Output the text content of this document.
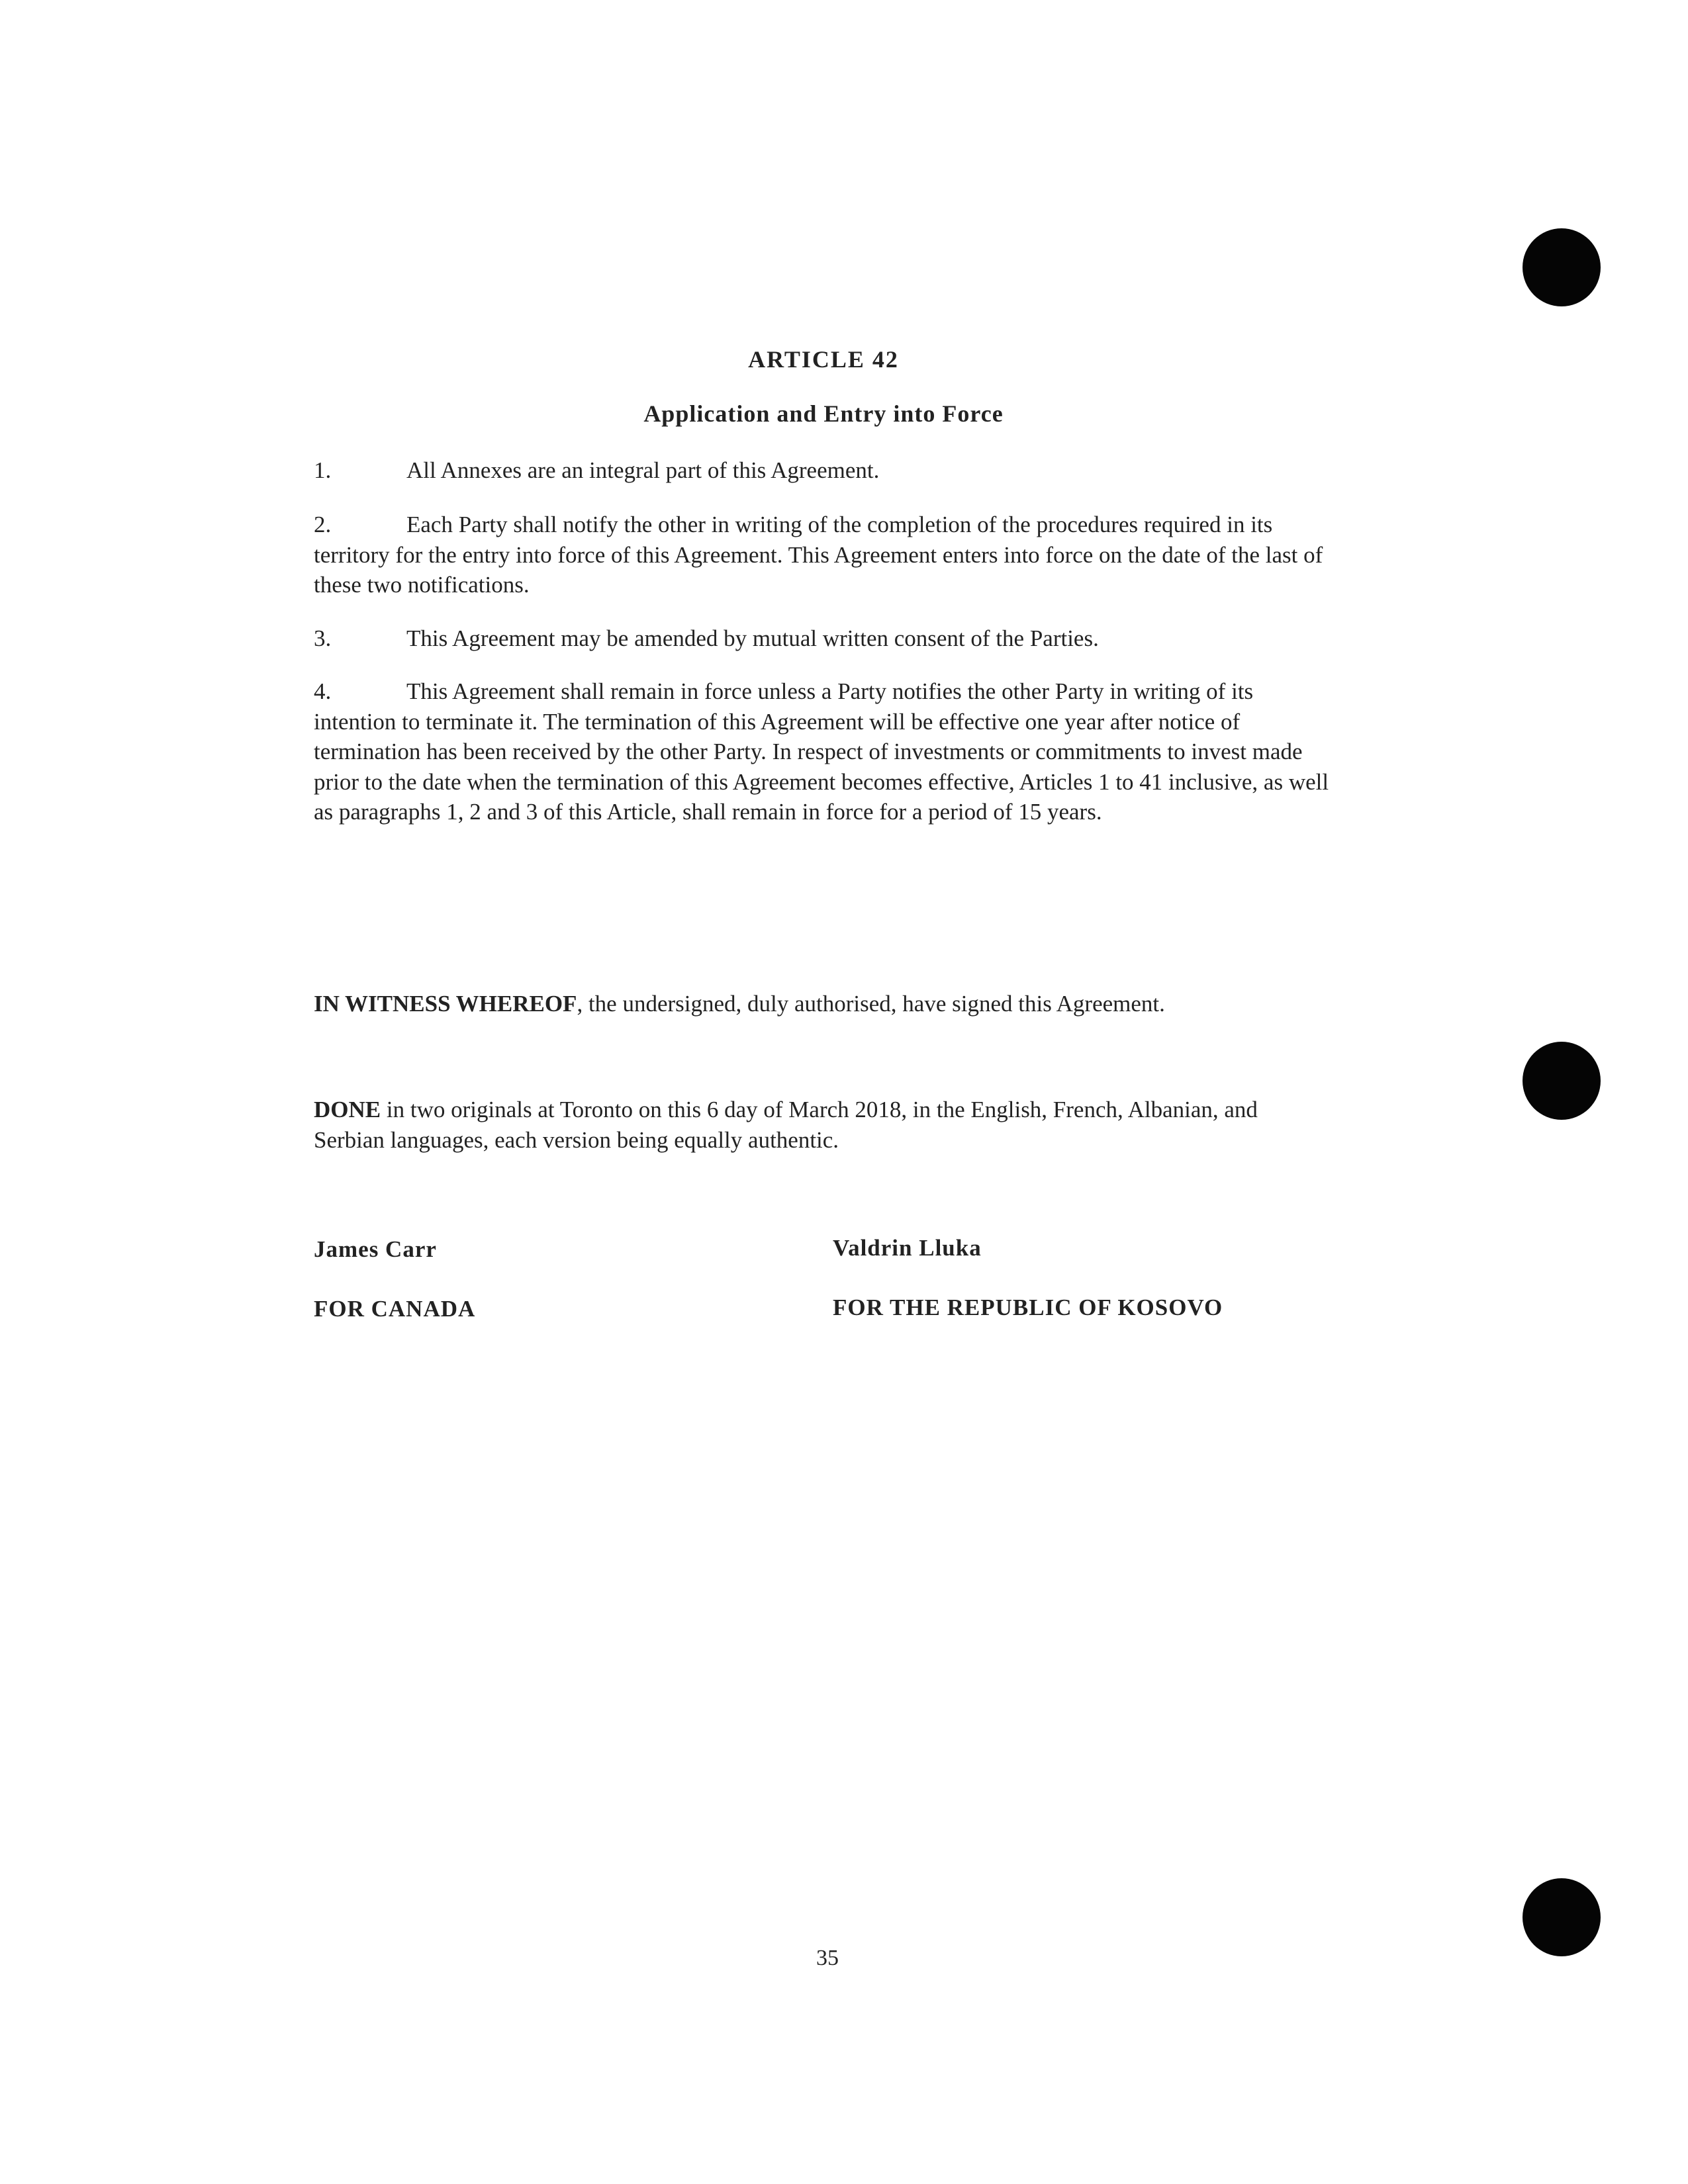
ARTICLE 42
Application and Entry into Force
1.	All Annexes are an integral part of this Agreement.
2.	Each Party shall notify the other in writing of the completion of the procedures required in its territory for the entry into force of this Agreement. This Agreement enters into force on the date of the last of these two notifications.
3.	This Agreement may be amended by mutual written consent of the Parties.
4.	This Agreement shall remain in force unless a Party notifies the other Party in writing of its intention to terminate it. The termination of this Agreement will be effective one year after notice of termination has been received by the other Party. In respect of investments or commitments to invest made prior to the date when the termination of this Agreement becomes effective, Articles 1 to 41 inclusive, as well as paragraphs 1, 2 and 3 of this Article, shall remain in force for a period of 15 years.
IN WITNESS WHEREOF, the undersigned, duly authorised, have signed this Agreement.
DONE in two originals at Toronto on this 6 day of March 2018, in the English, French, Albanian, and Serbian languages, each version being equally authentic.
James Carr
FOR CANADA
Valdrin Lluka
FOR THE REPUBLIC OF KOSOVO
35
